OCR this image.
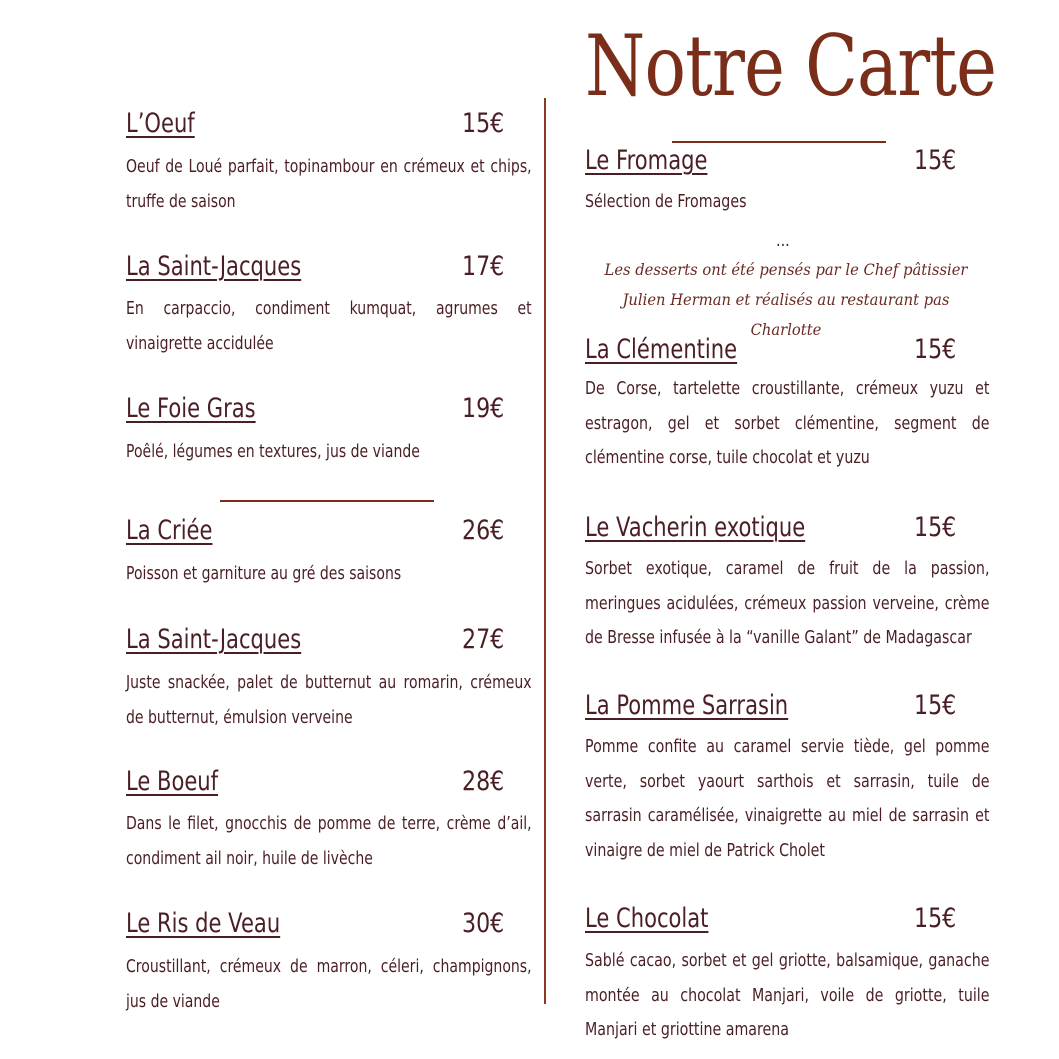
Notre Carte
L’Oeuf	15€
Oeuf de Loué parfait, topinambour en crémeux et chips, truffe de saison
La Saint-Jacques	17€
En carpaccio, condiment kumquat, agrumes et vinaigrette accidulée
Le Foie Gras	19€
Poêlé, légumes en textures, jus de viande
La Criée	26€
Poisson et garniture au gré des saisons
La Saint-Jacques	27€
Juste snackée, palet de butternut au romarin, crémeux de butternut, émulsion verveine
Le Boeuf	28€
Dans le filet, gnocchis de pomme de terre, crème d’ail, condiment ail noir, huile de livèche
Le Ris de Veau	30€
Croustillant, crémeux de marron, céleri, champignons, jus de viande
Le Fromage	15€
Sélection de Fromages
...
Les desserts ont été pensés par le Chef pâtissier Julien Herman et réalisés au restaurant pas Charlotte
La Clémentine	15€
De Corse, tartelette croustillante, crémeux yuzu et estragon, gel et sorbet clémentine, segment de clémentine corse, tuile chocolat et yuzu
Le Vacherin exotique	15€
Sorbet exotique, caramel de fruit de la passion, meringues acidulées, crémeux passion verveine, crème de Bresse infusée à la “vanille Galant” de Madagascar
La Pomme Sarrasin	15€
Pomme confite au caramel servie tiède, gel pomme verte, sorbet yaourt sarthois et sarrasin, tuile de sarrasin caramélisée, vinaigrette au miel de sarrasin et vinaigre de miel de Patrick Cholet
Le Chocolat	15€
Sablé cacao, sorbet et gel griotte, balsamique, ganache montée au chocolat Manjari, voile de griotte, tuile Manjari et griottine amarena
